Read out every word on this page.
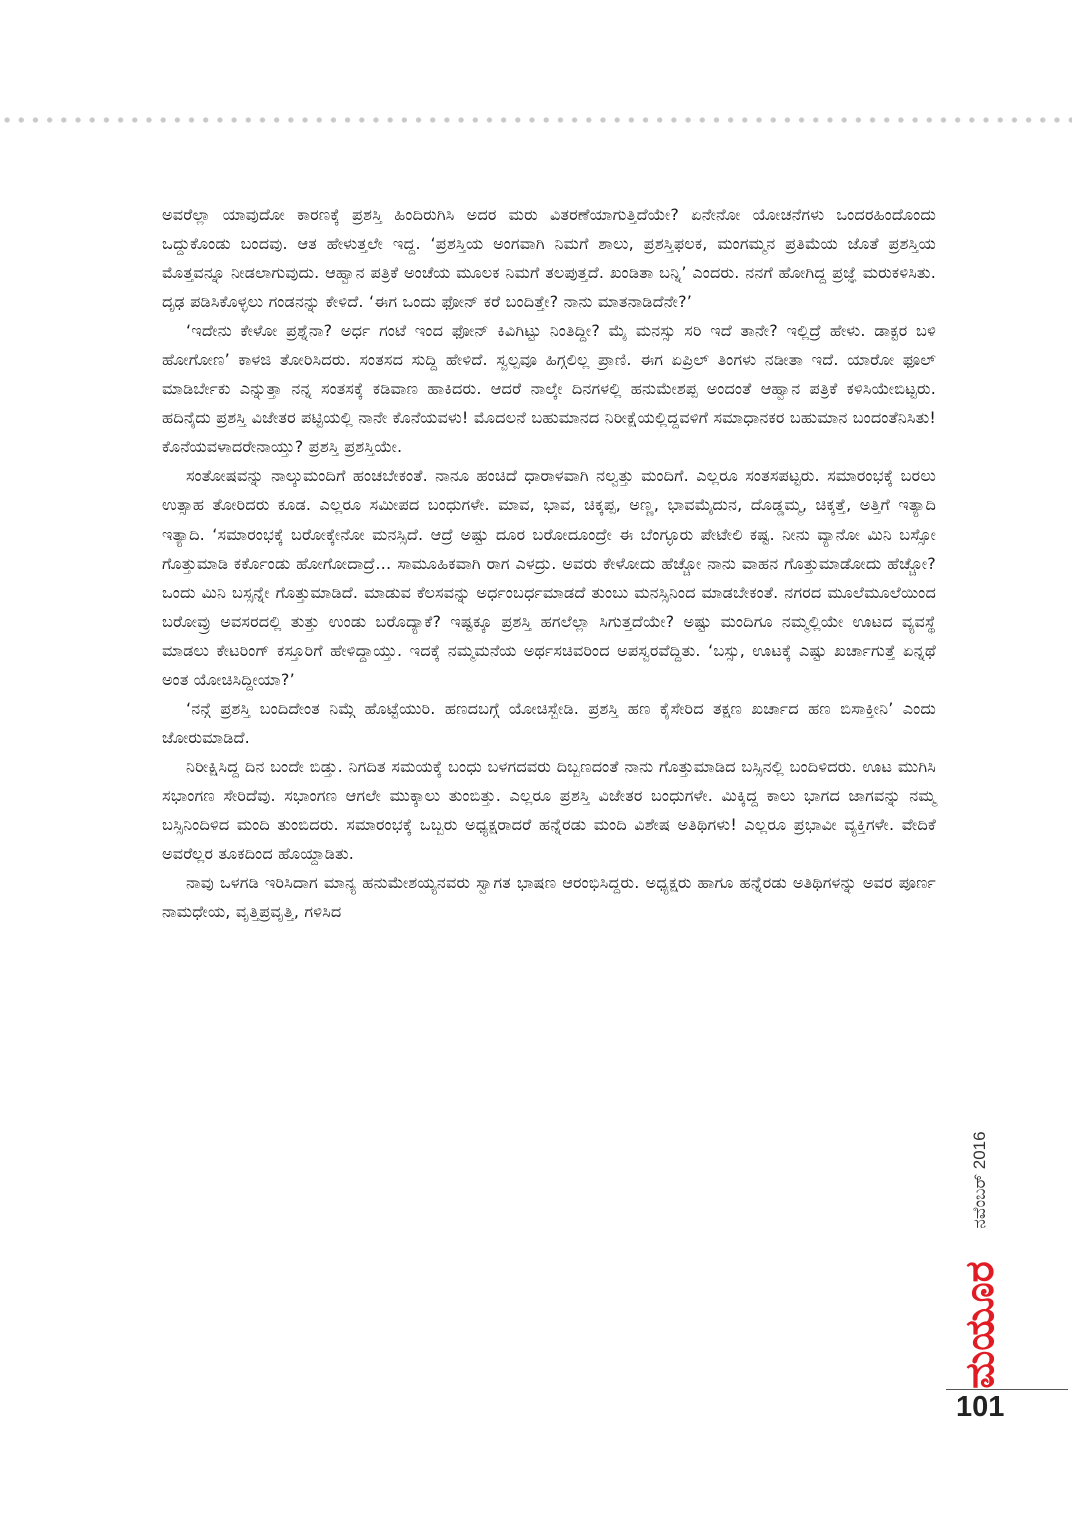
ಅವರೆಲ್ಲಾ ಯಾವುದೋ ಕಾರಣಕ್ಕೆ ಪ್ರಶಸ್ತಿ ಹಿಂದಿರುಗಿಸಿ ಅದರ ಮರು ವಿತರಣೆಯಾಗುತ್ತಿದೆಯೇ? ಏನೇನೋ ಯೋಚನೆಗಳು ಒಂದರಹಿಂದೊಂದು ಒದ್ದುಕೊಂಡು ಬಂದವು. ಆತ ಹೇಳುತ್ತಲೇ ಇದ್ದ. ‘ಪ್ರಶಸ್ತಿಯ ಅಂಗವಾಗಿ ನಿಮಗೆ ಶಾಲು, ಪ್ರಶಸ್ತಿಫಲಕ, ಮಂಗಮ್ಮನ ಪ್ರತಿಮೆಯ ಜೊತೆ ಪ್ರಶಸ್ತಿಯ ಮೊತ್ತವನ್ನೂ ನೀಡಲಾಗುವುದು. ಆಹ್ವಾನ ಪತ್ರಿಕೆ ಅಂಚೆಯ ಮೂಲಕ ನಿಮಗೆ ತಲಪುತ್ತದೆ. ಖಂಡಿತಾ ಬನ್ನಿ’ ಎಂದರು. ನನಗೆ ಹೋಗಿದ್ದ ಪ್ರಜ್ಞೆ ಮರುಕಳಿಸಿತು. ದೃಢ ಪಡಿಸಿಕೊಳ್ಳಲು ಗಂಡನನ್ನು ಕೇಳಿದೆ. ‘ಈಗ ಒಂದು ಫೋನ್ ಕರೆ ಬಂದಿತ್ತೇ? ನಾನು ಮಾತನಾಡಿದೆನೇ?’

‘ಇದೇನು ಕೇಳೋ ಪ್ರಶ್ನೆನಾ? ಅರ್ಧ ಗಂಟೆ ಇಂದ ಫೋನ್ ಕಿವಿಗಿಟ್ಟು ನಿಂತಿದ್ದೀ? ಮೈ ಮನಸ್ಸು ಸರಿ ಇದೆ ತಾನೇ? ಇಲ್ಲಿದ್ರೆ ಹೇಳು. ಡಾಕ್ಟರ ಬಳಿ ಹೋಗೋಣ’ ಕಾಳಜಿ ತೋರಿಸಿದರು. ಸಂತಸದ ಸುದ್ದಿ ಹೇಳಿದೆ. ಸ್ವಲ್ಪವೂ ಹಿಗ್ಗಲಿಲ್ಲ ಪ್ರಾಣಿ. ಈಗ ಏಪ್ರಿಲ್ ತಿಂಗಳು ನಡೀತಾ ಇದೆ. ಯಾರೋ ಫೂಲ್ ಮಾಡಿರ್ಬೇಕು ಎನ್ನುತ್ತಾ ನನ್ನ ಸಂತಸಕ್ಕೆ ಕಡಿವಾಣ ಹಾಕಿದರು. ಆದರೆ ನಾಲ್ಕೇ ದಿನಗಳಲ್ಲಿ ಹನುಮೇಶಪ್ಪ ಅಂದಂತೆ ಆಹ್ವಾನ ಪತ್ರಿಕೆ ಕಳಿಸಿಯೇಬಿಟ್ಟರು. ಹದಿನೈದು ಪ್ರಶಸ್ತಿ ವಿಜೇತರ ಪಟ್ಟಿಯಲ್ಲಿ ನಾನೇ ಕೊನೆಯವಳು! ಮೊದಲನೆ ಬಹುಮಾನದ ನಿರೀಕ್ಷೆಯಲ್ಲಿದ್ದವಳಿಗೆ ಸಮಾಧಾನಕರ ಬಹುಮಾನ ಬಂದಂತೆನಿಸಿತು! ಕೊನೆಯವಳಾದರೇನಾಯ್ತು? ಪ್ರಶಸ್ತಿ ಪ್ರಶಸ್ತಿಯೇ.

ಸಂತೋಷವನ್ನು ನಾಲ್ಕುಮಂದಿಗೆ ಹಂಚಬೇಕಂತೆ. ನಾನೂ ಹಂಚಿದೆ ಧಾರಾಳವಾಗಿ ನಲ್ವತ್ತು ಮಂದಿಗೆ. ಎಲ್ಲರೂ ಸಂತಸಪಟ್ಟರು. ಸಮಾರಂಭಕ್ಕೆ ಬರಲು ಉತ್ಸಾಹ ತೋರಿದರು ಕೂಡ. ಎಲ್ಲರೂ ಸಮೀಪದ ಬಂಧುಗಳೇ. ಮಾವ, ಭಾವ, ಚಿಕ್ಕಪ್ಪ, ಅಣ್ಣ, ಭಾವಮೈದುನ, ದೊಡ್ಡಮ್ಮ, ಚಿಕ್ಕತ್ತೆ, ಅತ್ತಿಗೆ ಇತ್ಯಾದಿ ಇತ್ಯಾದಿ. ‘ಸಮಾರಂಭಕ್ಕೆ ಬರೋಕ್ಕೇನೋ ಮನಸ್ಸಿದೆ. ಆದ್ರೆ ಅಷ್ಟು ದೂರ ಬರೋದೂಂದ್ರೇ ಈ ಬೆಂಗ್ಳೂರು ಪೇಟೇಲಿ ಕಷ್ಟ. ನೀನು ವ್ಯಾನೋ ಮಿನಿ ಬಸ್ಸೋ ಗೊತ್ತುಮಾಡಿ ಕರ್ಕೊಂಡು ಹೋಗೋದಾದ್ರೆ… ಸಾಮೂಹಿಕವಾಗಿ ರಾಗ ಎಳದ್ರು. ಅವರು ಕೇಳೋದು ಹೆಚ್ಚೋ ನಾನು ವಾಹನ ಗೊತ್ತುಮಾಡೋದು ಹೆಚ್ಚೋ? ಒಂದು ಮಿನಿ ಬಸ್ಸನ್ನೇ ಗೊತ್ತುಮಾಡಿದೆ. ಮಾಡುವ ಕೆಲಸವನ್ನು ಅರ್ಧಂಬರ್ಧಮಾಡದೆ ತುಂಬು ಮನಸ್ಸಿನಿಂದ ಮಾಡಬೇಕಂತೆ. ನಗರದ ಮೂಲೆಮೂಲೆಯಿಂದ ಬರೋವ್ರು ಅವಸರದಲ್ಲಿ ತುತ್ತು ಉಂಡು ಬರೊದ್ಯಾಕೆ? ಇಷ್ಟಕ್ಕೂ ಪ್ರಶಸ್ತಿ ಹಗಲೆಲ್ಲಾ ಸಿಗುತ್ತದೆಯೇ? ಅಷ್ಟು ಮಂದಿಗೂ ನಮ್ಮಲ್ಲಿಯೇ ಊಟದ ವ್ಯವಸ್ಥೆ ಮಾಡಲು ಕೇಟರಿಂಗ್ ಕಸ್ತೂರಿಗೆ ಹೇಳಿದ್ದಾಯ್ತು. ಇದಕ್ಕೆ ನಮ್ಮಮನೆಯ ಅರ್ಥಸಚಿವರಿಂದ ಅಪಸ್ವರವೆದ್ದಿತು. ‘ಬಸ್ಸು, ಊಟಕ್ಕೆ ಎಷ್ಟು ಖರ್ಚಾಗುತ್ತೆ ಏನ್ನಥೆ ಅಂತ ಯೋಚಿಸಿದ್ದೀಯಾ?’

‘ನನ್ಗೆ ಪ್ರಶಸ್ತಿ ಬಂದಿದೇಂತ ನಿಮ್ಗೆ ಹೊಟ್ಟೆಯುರಿ. ಹಣದಬಗ್ಗೆ ಯೋಚಿಸ್ಬೇಡಿ. ಪ್ರಶಸ್ತಿ ಹಣ ಕೈಸೇರಿದ ತಕ್ಷಣ ಖರ್ಚಾದ ಹಣ ಬಿಸಾಕ್ತೀನಿ’ ಎಂದು ಜೋರುಮಾಡಿದೆ.

ನಿರೀಕ್ಷಿಸಿದ್ದ ದಿನ ಬಂದೇ ಬಿಡ್ತು. ನಿಗದಿತ ಸಮಯಕ್ಕೆ ಬಂಧು ಬಳಗದವರು ದಿಬ್ಬಣದಂತೆ ನಾನು ಗೊತ್ತುಮಾಡಿದ ಬಸ್ಸಿನಲ್ಲಿ ಬಂದಿಳಿದರು. ಊಟ ಮುಗಿಸಿ ಸಭಾಂಗಣ ಸೇರಿದೆವು. ಸಭಾಂಗಣ ಆಗಲೇ ಮುಕ್ಕಾಲು ತುಂಬಿತ್ತು. ಎಲ್ಲರೂ ಪ್ರಶಸ್ತಿ ವಿಜೇತರ ಬಂಧುಗಳೇ. ಮಿಕ್ಕಿದ್ದ ಕಾಲು ಭಾಗದ ಜಾಗವನ್ನು ನಮ್ಮ ಬಸ್ಸಿನಿಂದಿಳಿದ ಮಂದಿ ತುಂಬಿದರು. ಸಮಾರಂಭಕ್ಕೆ ಒಬ್ಬರು ಅಧ್ಯಕ್ಷರಾದರೆ ಹನ್ನೆರಡು ಮಂದಿ ವಿಶೇಷ ಅತಿಥಿಗಳು! ಎಲ್ಲರೂ ಪ್ರಭಾವೀ ವ್ಯಕ್ತಿಗಳೇ. ವೇದಿಕೆ ಅವರೆಲ್ಲರ ತೂಕದಿಂದ ಹೊಯ್ದಾಡಿತು.

ನಾವು ಒಳಗಡಿ ಇರಿಸಿದಾಗ ಮಾನ್ಯ ಹನುಮೇಶಯ್ಯನವರು ಸ್ವಾಗತ ಭಾಷಣ ಆರಂಭಿಸಿದ್ದರು. ಅಧ್ಯಕ್ಷರು ಹಾಗೂ ಹನ್ನೆರಡು ಅತಿಥಿಗಳನ್ನು ಅವರ ಪೂರ್ಣ ನಾಮಧೇಯ, ವೃತ್ತಿಪ್ರವೃತ್ತಿ, ಗಳಿಸಿದ

ನವೆಂಬರ್ 2016
ಮಯೂರ
101
